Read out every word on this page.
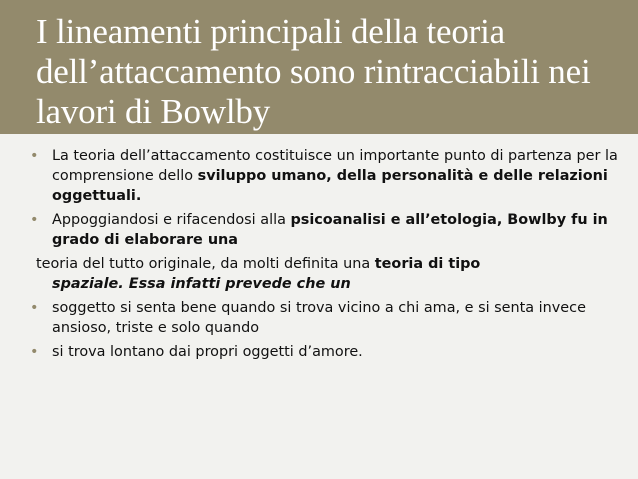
I lineamenti principali della teoria dell’attaccamento sono rintracciabili nei lavori di Bowlby

• La teoria dell’attaccamento costituisce un importante punto di partenza per la comprensione dello sviluppo umano, della personalità e delle relazioni oggettuali.

• Appoggiandosi e rifacendosi alla psicoanalisi e all’etologia, Bowlby fu in grado di elaborare una

teoria del tutto originale, da molti definita una teoria di tipo
spaziale. Essa infatti prevede che un

• soggetto si senta bene quando si trova vicino a chi ama, e si senta invece ansioso, triste e solo quando

• si trova lontano dai propri oggetti d’amore.
